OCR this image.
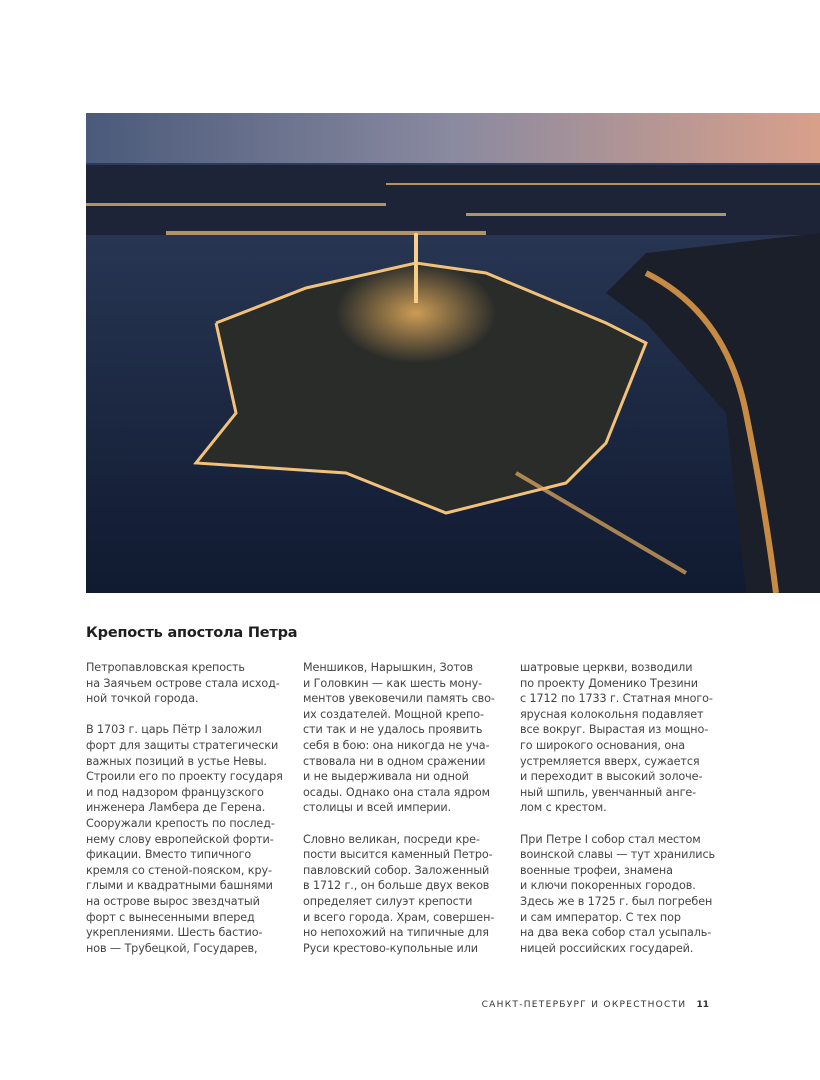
Крепость апостола Петра

Петропавловская крепость
на Заячьем острове стала исход-
ной точкой города.

В 1703 г. царь Пётр I заложил
форт для защиты стратегически
важных позиций в устье Невы.
Строили его по проекту государя
и под надзором французского
инженера Ламбера де Герена.
Сооружали крепость по послед-
нему слову европейской форти-
фикации. Вместо типичного
кремля со стеной-пояском, кру-
глыми и квадратными башнями
на острове вырос звездчатый
форт с вынесенными вперед
укреплениями. Шесть бастио-
нов — Трубецкой, Государев,

Меншиков, Нарышкин, Зотов
и Головкин — как шесть мону-
ментов увековечили память сво-
их создателей. Мощной крепо-
сти так и не удалось проявить
себя в бою: она никогда не уча-
ствовала ни в одном сражении
и не выдерживала ни одной
осады. Однако она стала ядром
столицы и всей империи.

Словно великан, посреди кре-
пости высится каменный Петро-
павловский собор. Заложенный
в 1712 г., он больше двух веков
определяет силуэт крепости
и всего города. Храм, совершен-
но непохожий на типичные для
Руси крестово-купольные или

шатровые церкви, возводили
по проекту Доменико Трезини
с 1712 по 1733 г. Статная много-
ярусная колокольня подавляет
все вокруг. Вырастая из мощно-
го широкого основания, она
устремляется вверх, сужается
и переходит в высокий золоче-
ный шпиль, увенчанный анге-
лом с крестом.

При Петре I собор стал местом
воинской славы — тут хранились
военные трофеи, знамена
и ключи покоренных городов.
Здесь же в 1725 г. был погребен
и сам император. С тех пор
на два века собор стал усыпаль-
ницей российских государей.

САНКТ-ПЕТЕРБУРГ И ОКРЕСТНОСТИ 11
